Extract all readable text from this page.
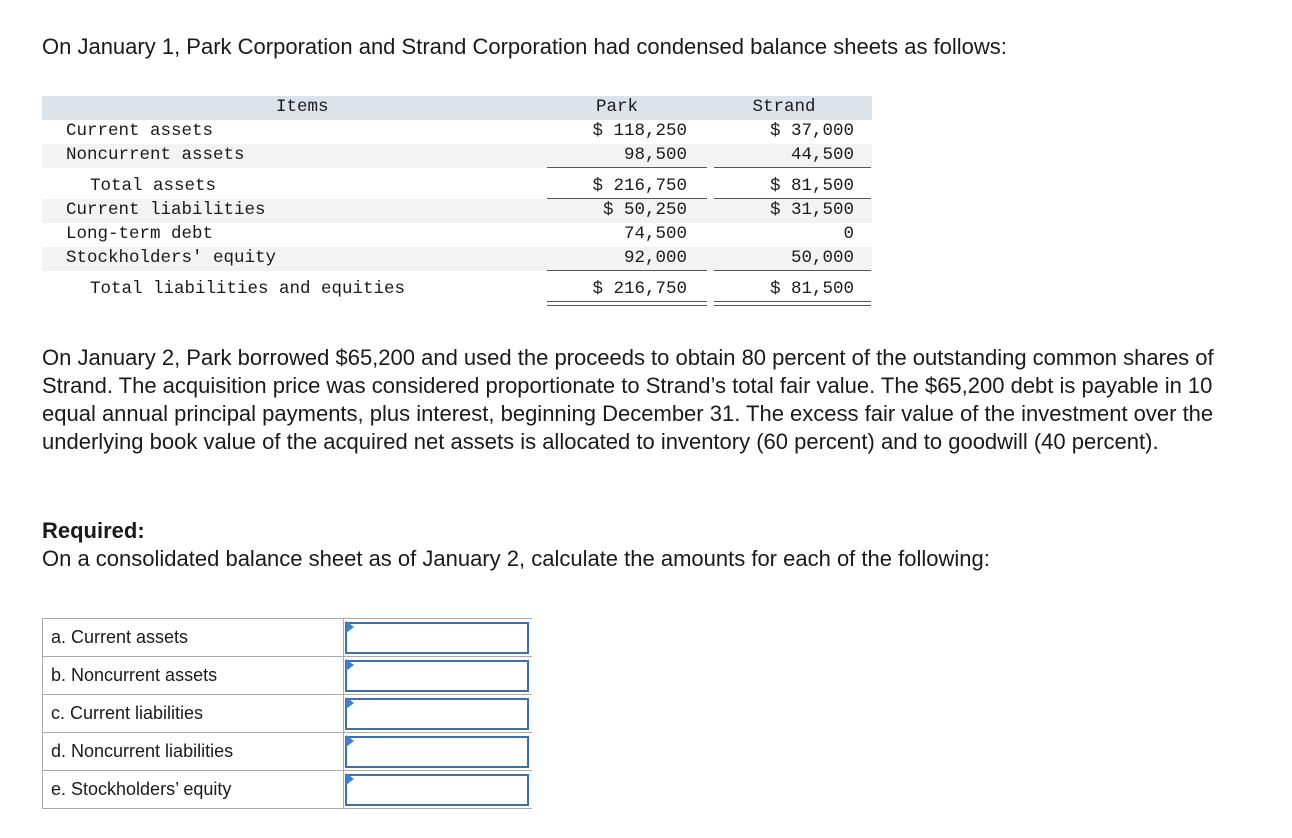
On January 1, Park Corporation and Strand Corporation had condensed balance sheets as follows:

Items	Park	Strand
Current assets	$ 118,250	$ 37,000
Noncurrent assets	98,500	44,500
Total assets	$ 216,750	$ 81,500
Current liabilities	$ 50,250	$ 31,500
Long-term debt	74,500	0
Stockholders' equity	92,000	50,000
Total liabilities and equities	$ 216,750	$ 81,500

On January 2, Park borrowed $65,200 and used the proceeds to obtain 80 percent of the outstanding common shares of Strand. The acquisition price was considered proportionate to Strand’s total fair value. The $65,200 debt is payable in 10 equal annual principal payments, plus interest, beginning December 31. The excess fair value of the investment over the underlying book value of the acquired net assets is allocated to inventory (60 percent) and to goodwill (40 percent).

Required:

On a consolidated balance sheet as of January 2, calculate the amounts for each of the following:

a. Current assets	

b. Noncurrent assets	

c. Current liabilities	

d. Noncurrent liabilities	

e. Stockholders’ equity	
